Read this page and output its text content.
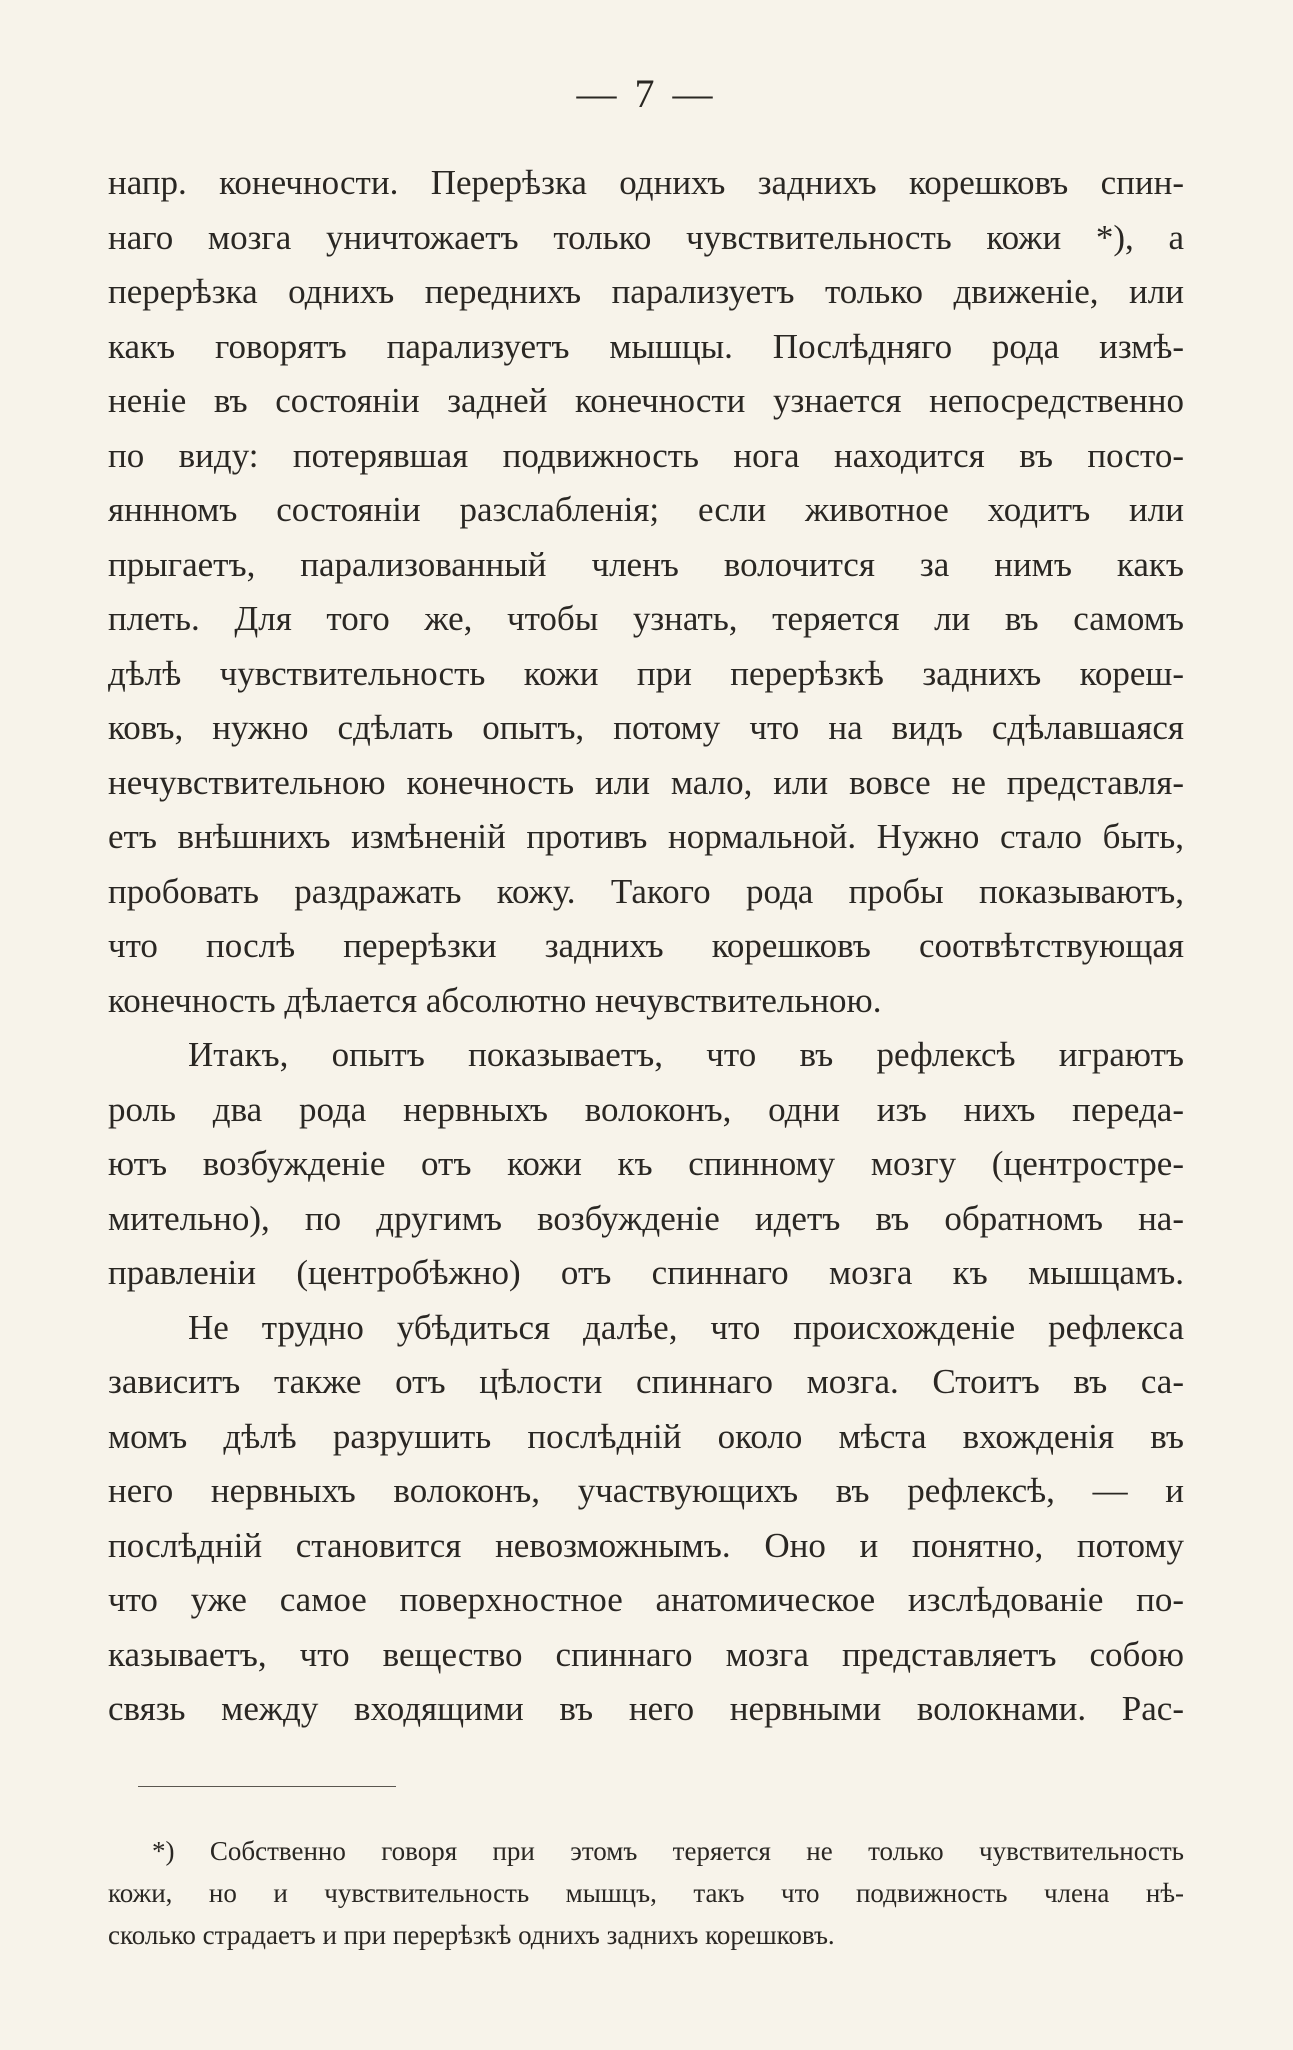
— 7 —
напр. конечности. Перерѣзка однихъ заднихъ корешковъ спин-
наго мозга уничтожаетъ только чувствительность кожи *), а
перерѣзка однихъ переднихъ парализуетъ только движеніе, или
какъ говорятъ парализуетъ мышцы. Послѣдняго рода измѣ-
неніе въ состояніи задней конечности узнается непосредственно
по виду: потерявшая подвижность нога находится въ посто-
яннномъ состояніи разслабленія; если животное ходитъ или
прыгаетъ, парализованный членъ волочится за нимъ какъ
плеть. Для того же, чтобы узнать, теряется ли въ самомъ
дѣлѣ чувствительность кожи при перерѣзкѣ заднихъ кореш-
ковъ, нужно сдѣлать опытъ, потому что на видъ сдѣлавшаяся
нечувствительною конечность или мало, или вовсе не представля-
етъ внѣшнихъ измѣненій противъ нормальной. Нужно стало быть,
пробовать раздражать кожу. Такого рода пробы показываютъ,
что послѣ перерѣзки заднихъ корешковъ соотвѣтствующая
конечность дѣлается абсолютно нечувствительною.
Итакъ, опытъ показываетъ, что въ рефлексѣ играютъ
роль два рода нервныхъ волоконъ, одни изъ нихъ переда-
ютъ возбужденіе отъ кожи къ спинному мозгу (центростре-
мительно), по другимъ возбужденіе идетъ въ обратномъ на-
правленіи (центробѣжно) отъ спиннаго мозга къ мышцамъ.
Не трудно убѣдиться далѣе, что происхожденіе рефлекса
зависитъ также отъ цѣлости спиннаго мозга. Стоитъ въ са-
момъ дѣлѣ разрушить послѣдній около мѣста вхожденія въ
него нервныхъ волоконъ, участвующихъ въ рефлексѣ, — и
послѣдній становится невозможнымъ. Оно и понятно, потому
что уже самое поверхностное анатомическое изслѣдованіе по-
казываетъ, что вещество спиннаго мозга представляетъ собою
связь между входящими въ него нервными волокнами. Рас-
*) Собственно говоря при этомъ теряется не только чувствительность
кожи, но и чувствительность мышцъ, такъ что подвижность члена нѣ-
сколько страдаетъ и при перерѣзкѣ однихъ заднихъ корешковъ.
